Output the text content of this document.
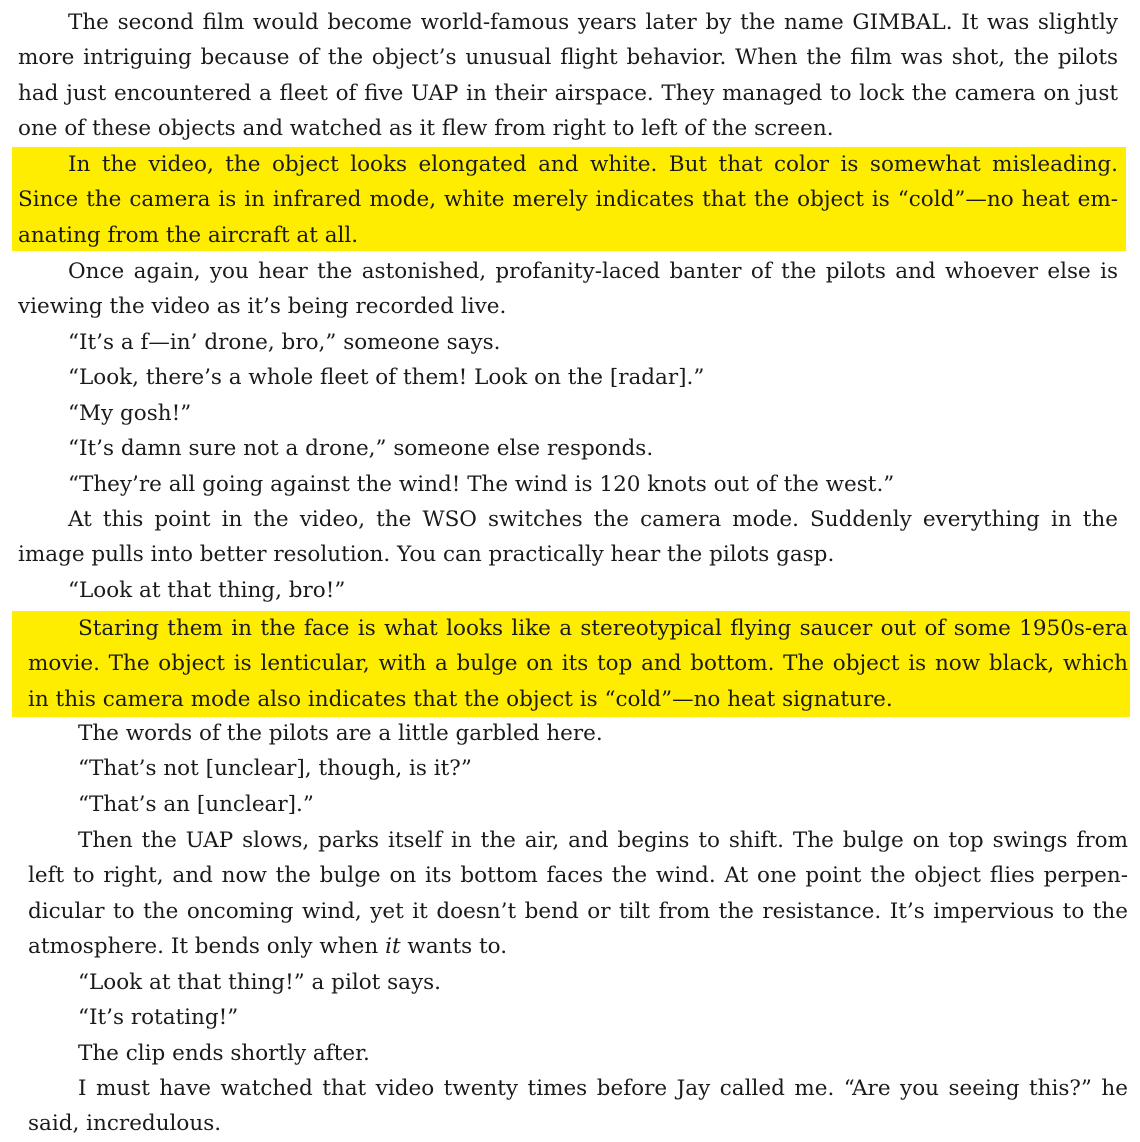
The second film would become world-famous years later by the name GIMBAL. It was slightly
more intriguing because of the object’s unusual flight behavior. When the film was shot, the pilots
had just encountered a fleet of five UAP in their airspace. They managed to lock the camera on just
one of these objects and watched as it flew from right to left of the screen.
In the video, the object looks elongated and white. But that color is somewhat misleading.
Since the camera is in infrared mode, white merely indicates that the object is “cold”—no heat em-
anating from the aircraft at all.
Once again, you hear the astonished, profanity-laced banter of the pilots and whoever else is
viewing the video as it’s being recorded live.
“It’s a f—in’ drone, bro,” someone says.
“Look, there’s a whole fleet of them! Look on the [radar].”
“My gosh!”
“It’s damn sure not a drone,” someone else responds.
“They’re all going against the wind! The wind is 120 knots out of the west.”
At this point in the video, the WSO switches the camera mode. Suddenly everything in the
image pulls into better resolution. You can practically hear the pilots gasp.
“Look at that thing, bro!”
Staring them in the face is what looks like a stereotypical flying saucer out of some 1950s-era
movie. The object is lenticular, with a bulge on its top and bottom. The object is now black, which
in this camera mode also indicates that the object is “cold”—no heat signature.
The words of the pilots are a little garbled here.
“That’s not [unclear], though, is it?”
“That’s an [unclear].”
Then the UAP slows, parks itself in the air, and begins to shift. The bulge on top swings from
left to right, and now the bulge on its bottom faces the wind. At one point the object flies perpen-
dicular to the oncoming wind, yet it doesn’t bend or tilt from the resistance. It’s impervious to the
atmosphere. It bends only when it wants to.
“Look at that thing!” a pilot says.
“It’s rotating!”
The clip ends shortly after.
I must have watched that video twenty times before Jay called me. “Are you seeing this?” he
said, incredulous.
